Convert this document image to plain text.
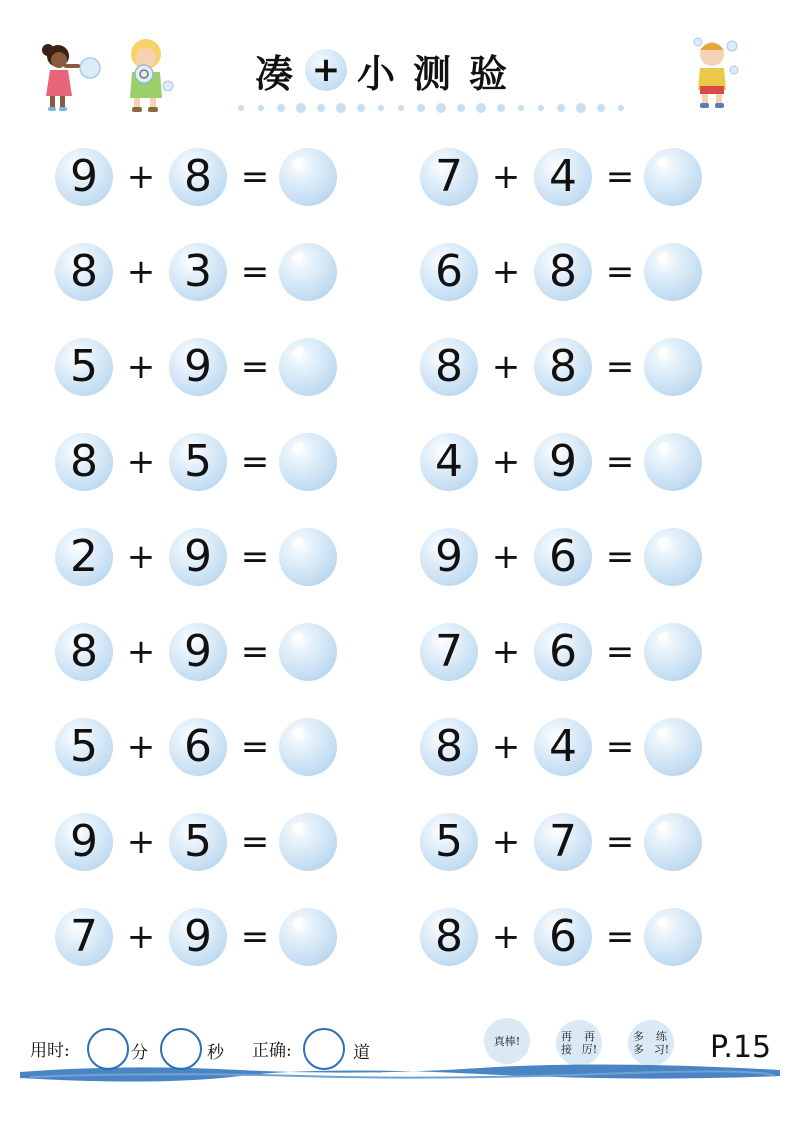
凑 + 小测验
9 + 8 =	7 + 4 =
8 + 3 =	6 + 8 =
5 + 9 =	8 + 8 =
8 + 5 =	4 + 9 =
2 + 9 =	9 + 6 =
8 + 9 =	7 + 6 =
5 + 6 =	8 + 4 =
9 + 5 =	5 + 7 =
7 + 9 =	8 + 6 =
用时:	分	秒 正确:	道
真棒!	再接

再厉!
多多

练习! P.15
